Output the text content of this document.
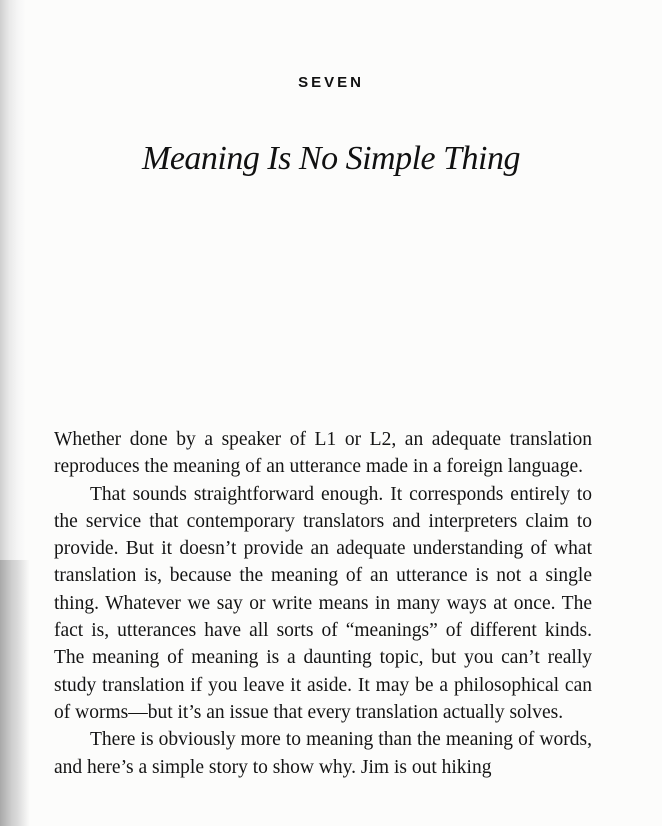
SEVEN
Meaning Is No Simple Thing

Whether done by a speaker of L1 or L2, an adequate translation reproduces the meaning of an utterance made in a foreign language.

That sounds straightforward enough. It corresponds entirely to the service that contemporary translators and interpreters claim to provide. But it doesn’t provide an adequate understanding of what translation is, because the meaning of an utterance is not a single thing. Whatever we say or write means in many ways at once. The fact is, utterances have all sorts of “meanings” of different kinds. The meaning of meaning is a daunting topic, but you can’t really study translation if you leave it aside. It may be a philosophical can of worms—but it’s an issue that every translation actually solves.

There is obviously more to meaning than the meaning of words, and here’s a simple story to show why. Jim is out hiking
